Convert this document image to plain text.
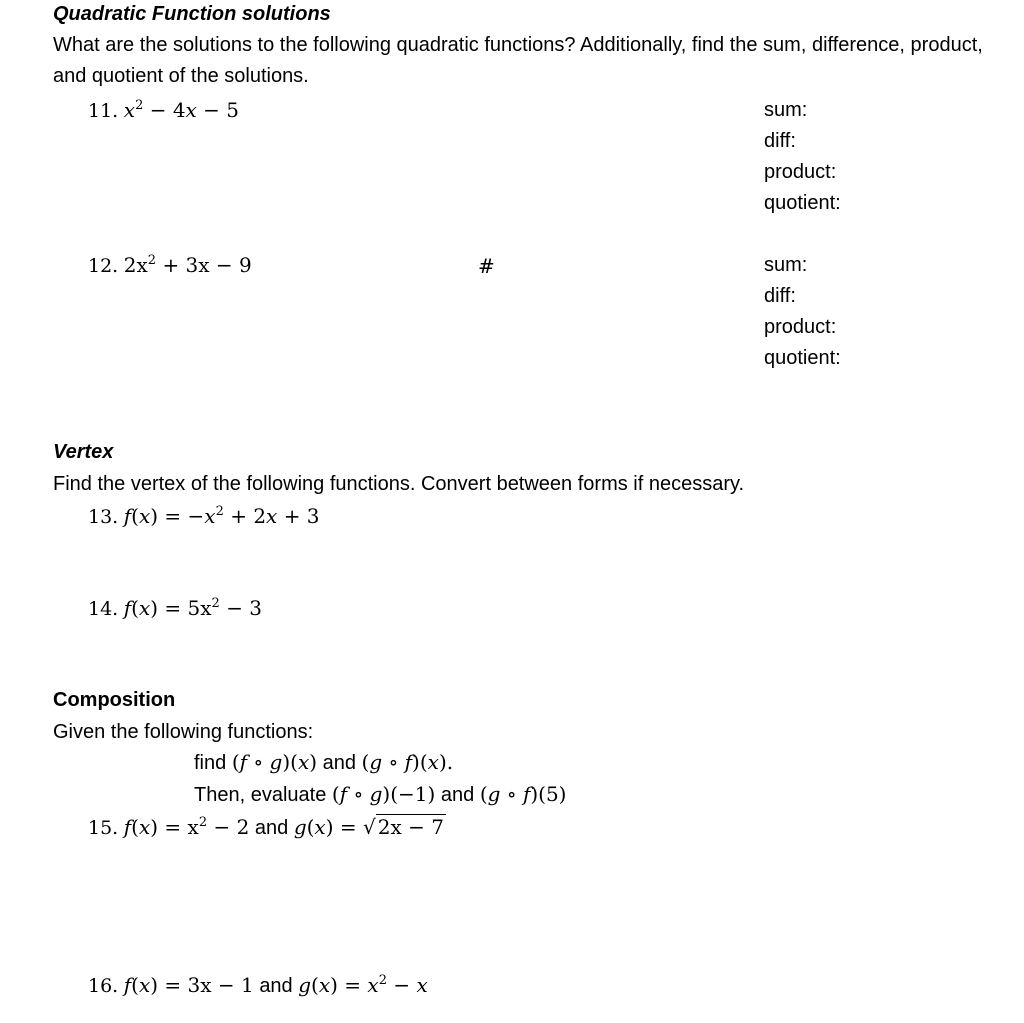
Quadratic Function solutions
What are the solutions to the following quadratic functions? Additionally, find the sum, difference, product, and quotient of the solutions.
11. 𝑥$^2$ − 4𝑥 − 5	sum:
diff:
product:
quotient:
12. $2x^2 + 3x - 9$	#	sum:
diff:
product:
quotient:
Vertex
Find the vertex of the following functions. Convert between forms if necessary.
13. 𝑓(𝑥) = −𝑥$^2$ + 2𝑥 + 3
14. 𝑓(𝑥) = $5x^2 - 3$
Composition
Given the following functions:
find (𝑓 ∘ 𝑔)(𝑥) and (𝑔 ∘ 𝑓)(𝑥).
Then, evaluate (𝑓 ∘ 𝑔)(−1) and (𝑔 ∘ 𝑓)(5)
15. 𝑓(𝑥) = $x^2 - 2$ and 𝑔(𝑥) = √ 2x − 7
16. 𝑓(𝑥) = 3x − 1 and 𝑔(𝑥) = 𝑥$^2$ − 𝑥
